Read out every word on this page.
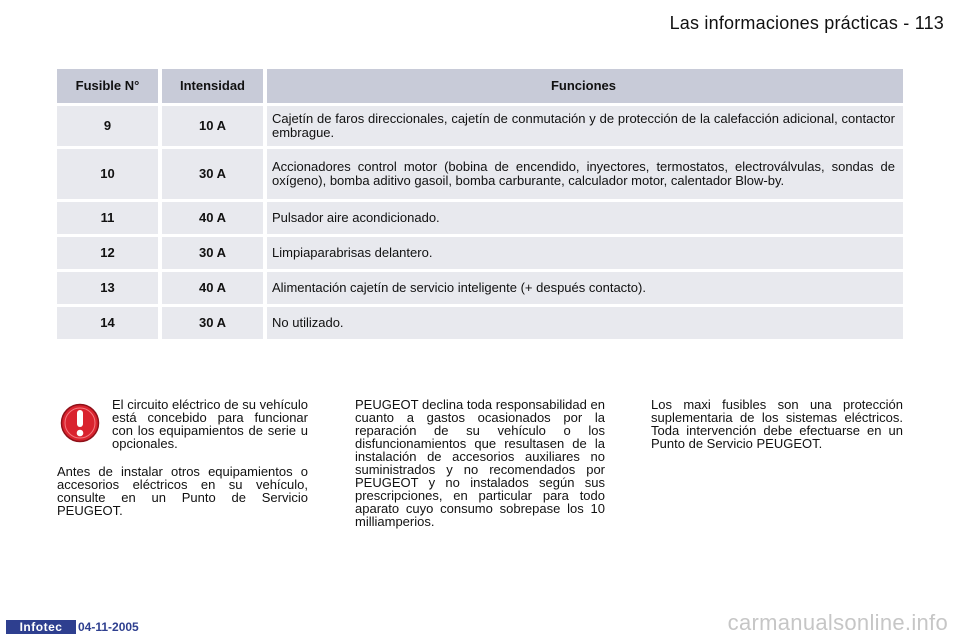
Las informaciones prácticas - 113
Fusible N°	Intensidad	Funciones
9	10 A	Cajetín de faros direccionales, cajetín de conmutación y de protección de la calefacción adicional, contactor embrague.
10	30 A	Accionadores control motor (bobina de encendido, inyectores, termostatos, electroválvulas, sondas de oxígeno), bomba aditivo gasoil, bomba carburante, calculador motor, calentador Blow-by.
11	40 A	Pulsador aire acondicionado.
12	30 A	Limpiaparabrisas delantero.
13	40 A	Alimentación cajetín de servicio inteligente (+ después contacto).
14	30 A	No utilizado.
El circuito eléctrico de su vehículo está concebido para funcionar con los equipamientos de serie u opcionales.
Antes de instalar otros equipamientos o accesorios eléctricos en su vehículo, consulte en un Punto de Servicio PEUGEOT.
PEUGEOT declina toda responsabilidad en cuanto a gastos ocasionados por la reparación de su vehículo o los disfuncionamientos que resultasen de la instalación de accesorios auxiliares no suministrados y no recomendados por PEUGEOT y no instalados según sus prescripciones, en particular para todo aparato cuyo consumo sobrepase los 10 milliamperios.
Los maxi fusibles son una protección suplementaria de los sistemas eléctricos. Toda intervención debe efectuarse en un Punto de Servicio PEUGEOT.
Infotec	04-11-2005	carmanualsonline.info
